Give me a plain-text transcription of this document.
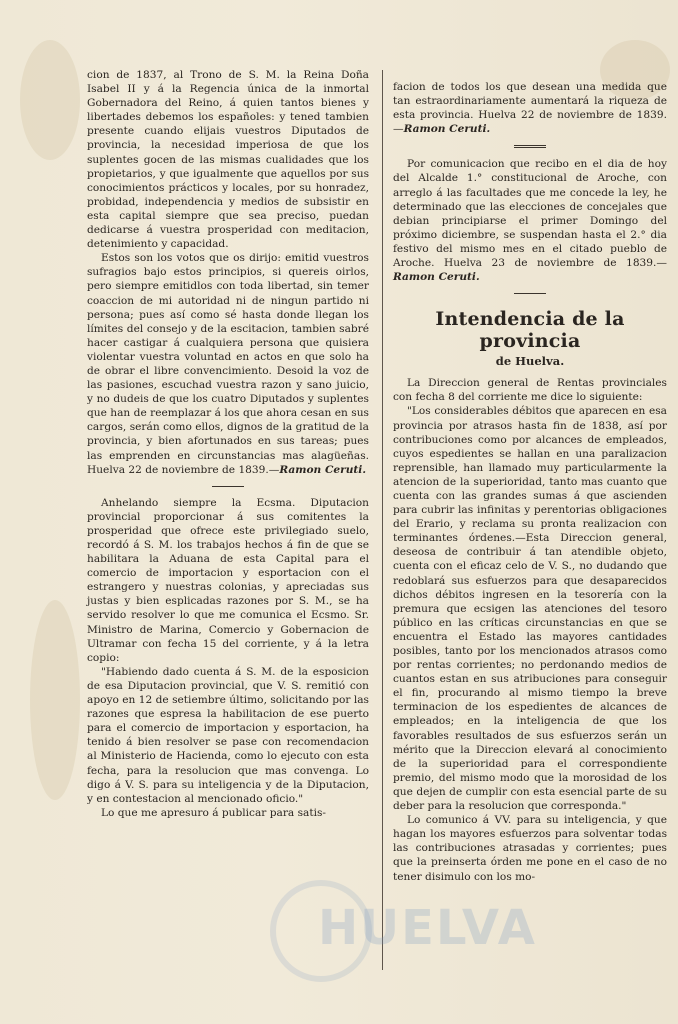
cion de 1837, al Trono de S. M. la Reina Doña Isabel II y á la Regencia única de la inmortal Gobernadora del Reino, á quien tantos bienes y libertades debemos los españoles: y tened tambien presente cuando elijais vuestros Diputados de provincia, la necesidad imperiosa de que los suplentes gocen de las mismas cualidades que los propietarios, y que igualmente que aquellos por sus conocimientos prácticos y locales, por su honradez, probidad, independencia y medios de subsistir en esta capital siempre que sea preciso, puedan dedicarse á vuestra prosperidad con meditacion, detenimiento y capacidad.

Estos son los votos que os dirijo: emitid vuestros sufragios bajo estos principios, si quereis oirlos, pero siempre emitidlos con toda libertad, sin temer coaccion de mi autoridad ni de ningun partido ni persona; pues así como sé hasta donde llegan los límites del consejo y de la escitacion, tambien sabré hacer castigar á cualquiera persona que quisiera violentar vuestra voluntad en actos en que solo ha de obrar el libre convencimiento. Desoid la voz de las pasiones, escuchad vuestra razon y sano juicio, y no dudeis de que los cuatro Diputados y suplentes que han de reemplazar á los que ahora cesan en sus cargos, serán como ellos, dignos de la gratitud de la provincia, y bien afortunados en sus tareas; pues las emprenden en circunstancias mas alagüeñas. Huelva 22 de noviembre de 1839.—Ramon Ceruti.

Anhelando siempre la Ecsma. Diputacion provincial proporcionar á sus comitentes la prosperidad que ofrece este privilegiado suelo, recordó á S. M. los trabajos hechos á fin de que se habilitara la Aduana de esta Capital para el comercio de importacion y esportacion con el estrangero y nuestras colonias, y apreciadas sus justas y bien esplicadas razones por S. M., se ha servido resolver lo que me comunica el Ecsmo. Sr. Ministro de Marina, Comercio y Gobernacion de Ultramar con fecha 15 del corriente, y á la letra copio:

"Habiendo dado cuenta á S. M. de la esposicion de esa Diputacion provincial, que V. S. remitió con apoyo en 12 de setiembre último, solicitando por las razones que espresa la habilitacion de ese puerto para el comercio de importacion y esportacion, ha tenido á bien resolver se pase con recomendacion al Ministerio de Hacienda, como lo ejecuto con esta fecha, para la resolucion que mas convenga. Lo digo á V. S. para su inteligencia y de la Diputacion, y en contestacion al mencionado oficio."

Lo que me apresuro á publicar para satis-

facion de todos los que desean una medida que tan estraordinariamente aumentará la riqueza de esta provincia. Huelva 22 de noviembre de 1839.—Ramon Ceruti.

Por comunicacion que recibo en el dia de hoy del Alcalde 1.° constitucional de Aroche, con arreglo á las facultades que me concede la ley, he determinado que las elecciones de concejales que debian principiarse el primer Domingo del próximo diciembre, se suspendan hasta el 2.° dia festivo del mismo mes en el citado pueblo de Aroche. Huelva 23 de noviembre de 1839.—Ramon Ceruti.

Intendencia de la provincia
de Huelva.

La Direccion general de Rentas provinciales con fecha 8 del corriente me dice lo siguiente:

"Los considerables débitos que aparecen en esa provincia por atrasos hasta fin de 1838, así por contribuciones como por alcances de empleados, cuyos espedientes se hallan en una paralizacion reprensible, han llamado muy particularmente la atencion de la superioridad, tanto mas cuanto que cuenta con las grandes sumas á que ascienden para cubrir las infinitas y perentorias obligaciones del Erario, y reclama su pronta realizacion con terminantes órdenes.—Esta Direccion general, deseosa de contribuir á tan atendible objeto, cuenta con el eficaz celo de V. S., no dudando que redoblará sus esfuerzos para que desaparecidos dichos débitos ingresen en la tesorería con la premura que ecsigen las atenciones del tesoro público en las críticas circunstancias en que se encuentra el Estado las mayores cantidades posibles, tanto por los mencionados atrasos como por rentas corrientes; no perdonando medios de cuantos estan en sus atribuciones para conseguir el fin, procurando al mismo tiempo la breve terminacion de los espedientes de alcances de empleados; en la inteligencia de que los favorables resultados de sus esfuerzos serán un mérito que la Direccion elevará al conocimiento de la superioridad para el correspondiente premio, del mismo modo que la morosidad de los que dejen de cumplir con esta esencial parte de su deber para la resolucion que corresponda."

Lo comunico á VV. para su inteligencia, y que hagan los mayores esfuerzos para solventar todas las contribuciones atrasadas y corrientes; pues que la preinserta órden me pone en el caso de no tener disimulo con los mo-

HUELVA
